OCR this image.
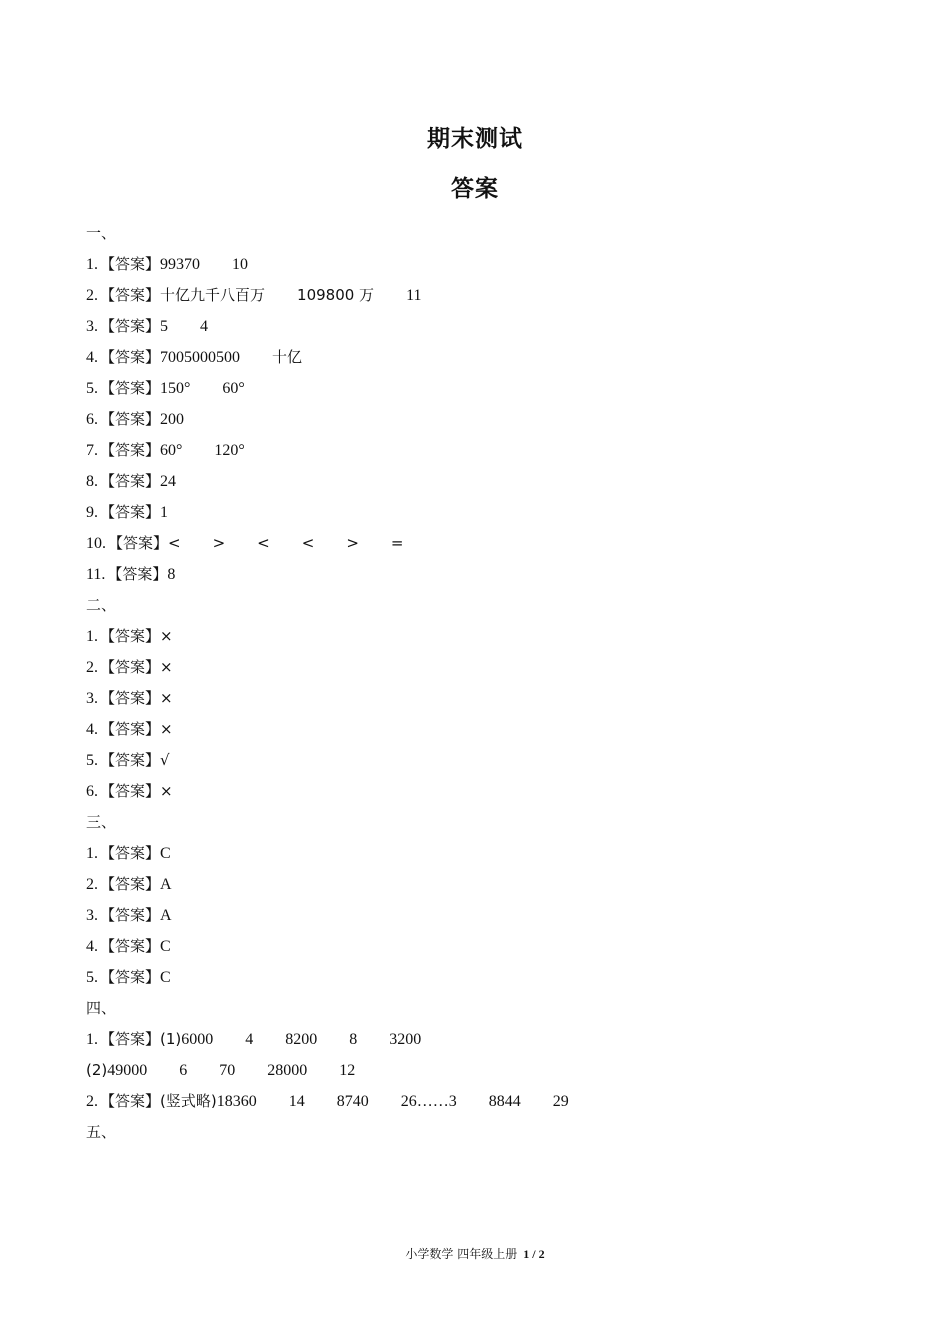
期末测试
答案
一、
1. 【答案】99370 10
2. 【答案】十亿九千八百万 109800 万 11
3. 【答案】5 4
4. 【答案】7005000500 十亿
5. 【答案】150° 60°
6. 【答案】200
7. 【答案】60° 120°
8. 【答案】24
9. 【答案】1
10. 【答案】< > < < > =
11. 【答案】8
二、
1. 【答案】×
2. 【答案】×
3. 【答案】×
4. 【答案】×
5. 【答案】√
6. 【答案】×
三、
1. 【答案】C
2. 【答案】A
3. 【答案】A
4. 【答案】C
5. 【答案】C
四、
1. 【答案】(1)6000 4 8200 8 3200
(2)49000 6 70 28000 12
2. 【答案】(竖式略)18360 14 8740 26……3 8844 29
五、
小学数学 四年级上册 1 / 2
